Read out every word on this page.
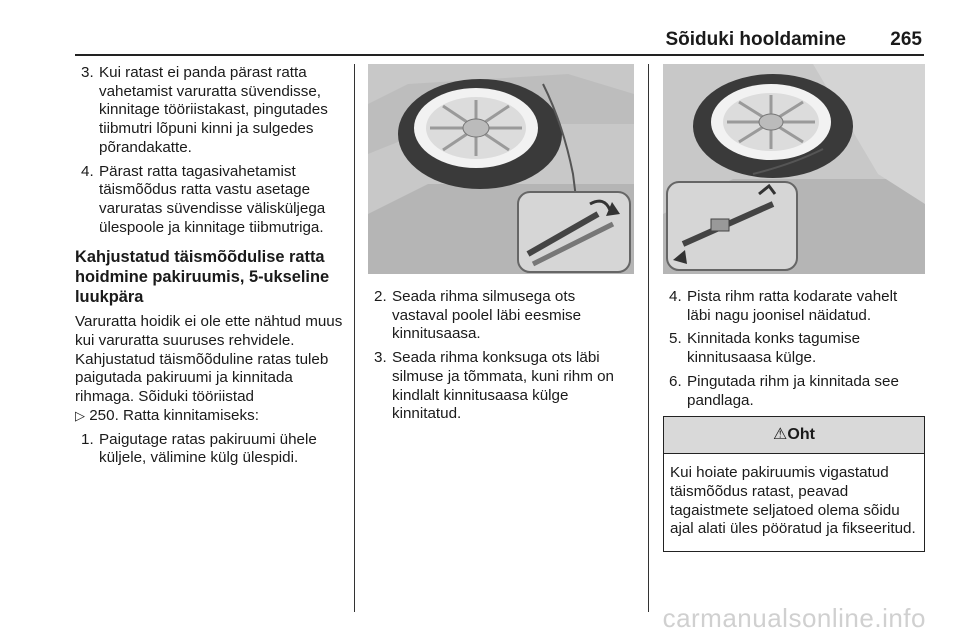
Sõiduki hooldamine 265
3. Kui ratast ei panda pärast ratta vahetamist varuratta süvendisse, kinnitage tööriistakast, pingutades tiibmutri lõpuni kinni ja sulgedes põrandakatte.
4. Pärast ratta tagasivahetamist täismõõdus ratta vastu asetage varuratas süvendisse väliskülјega ülespoole ja kinnitage tiibmutriga.
Kahjustatud täismõõdulise ratta hoidmine pakiruumis, 5-ukseline luukpära

Varuratta hoidik ei ole ette nähtud muus kui varuratta suuruses rehvidele. Kahjustatud täismõõduline ratas tuleb paigutada pakiruumi ja kinnitada rihmaga. Sõiduki tööriistad
▷ 250. Ratta kinnitamiseks:

1. Paigutage ratas pakiruumi ühele küljele, välimine külg ülespidi.
2. Seada rihma silmusega ots vastaval poolel läbi eesmise kinnitusaasa.
3. Seada rihma konksuga ots läbi silmuse ja tõmmata, kuni rihm on kindlalt kinnitusaasa külge kinnitatud.
4. Pista rihm ratta kodarate vahelt läbi nagu joonisel näidatud.
5. Kinnitada konks tagumise kinnitusaasa külge.
6. Pingutada rihm ja kinnitada see pandlaga.
⚠Oht
Kui hoiate pakiruumis vigastatud täismõõdus ratast, peavad tagaistmete seljatoed olema sõidu ajal alati üles pööratud ja fikseeritud.
carmanualsonline.info
